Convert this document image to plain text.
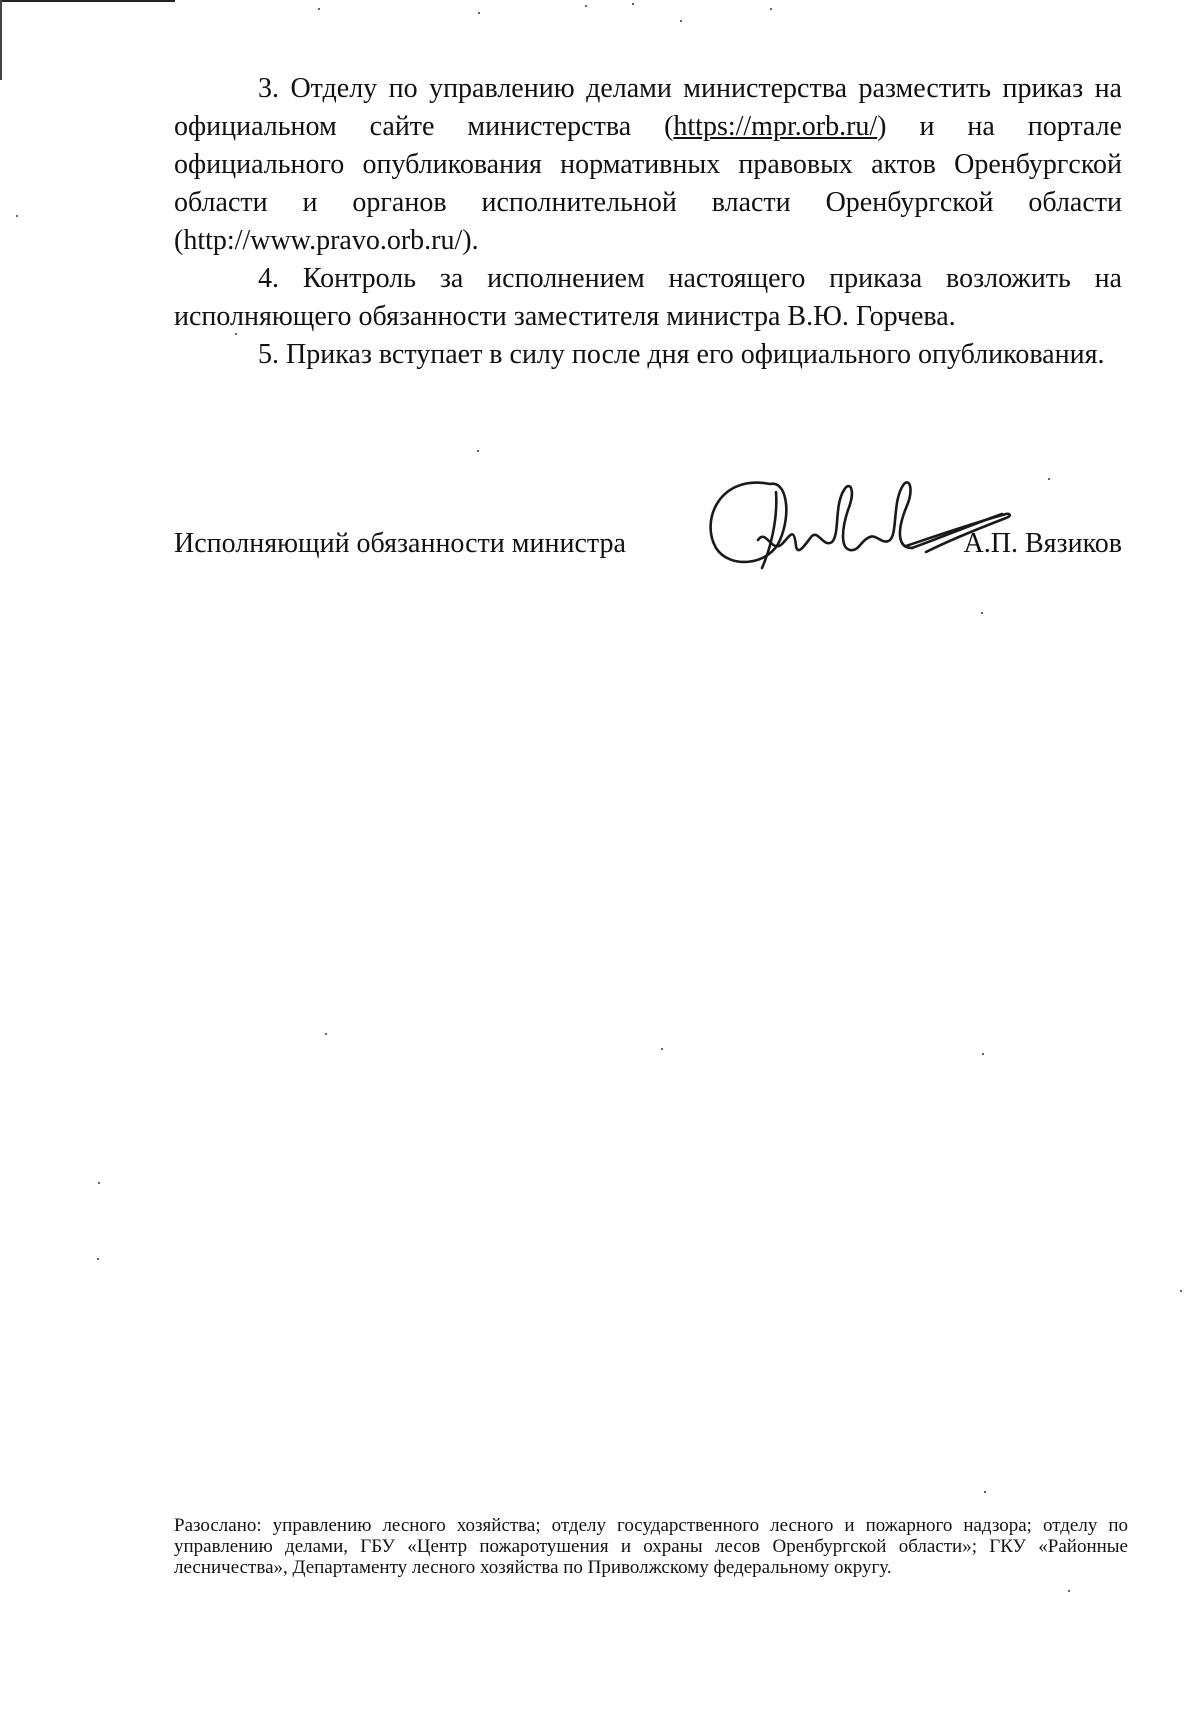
3. Отделу по управлению делами министерства разместить приказ на официальном сайте министерства (https://mpr.orb.ru/) и на портале официального опубликования нормативных правовых актов Оренбургской области и органов исполнительной власти Оренбургской области (http://www.pravo.orb.ru/).

4. Контроль за исполнением настоящего приказа возложить на исполняющего обязанности заместителя министра В.Ю. Горчева.

5. Приказ вступает в силу после дня его официального опубликования.

Исполняющий обязанности министра	А.П. Вязиков
Разослано: управлению лесного хозяйства; отделу государственного лесного и пожарного надзора; отделу по управлению делами, ГБУ «Центр пожаротушения и охраны лесов Оренбургской области»; ГКУ «Районные лесничества», Департаменту лесного хозяйства по Приволжскому федеральному округу.
